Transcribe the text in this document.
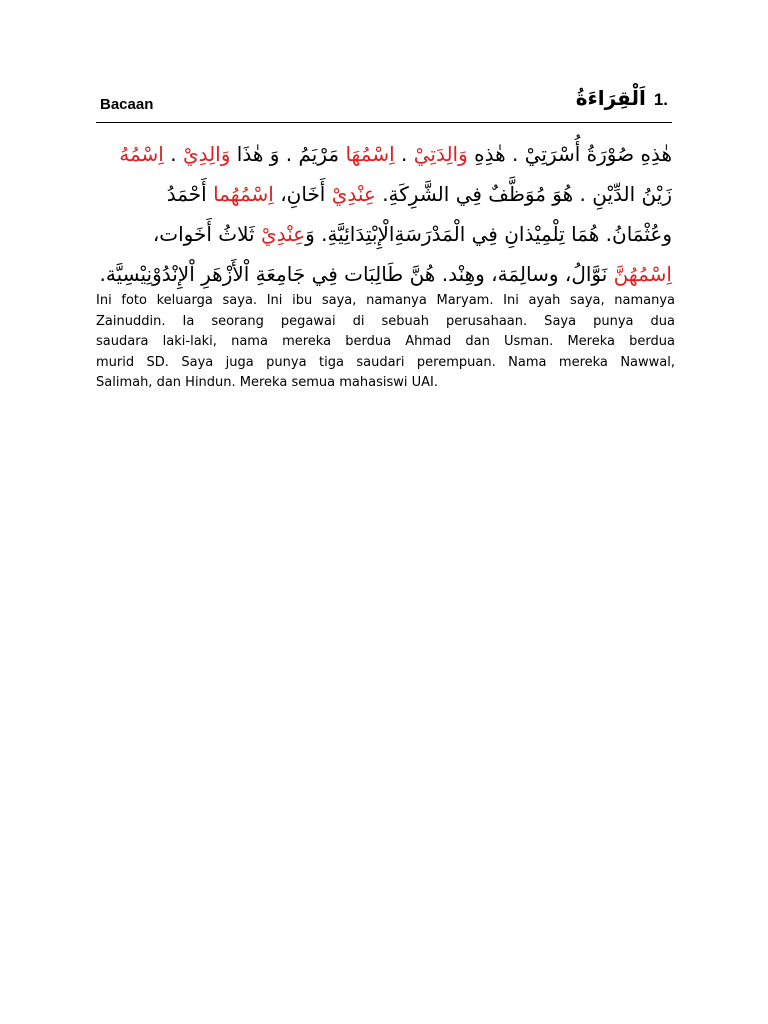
Bacaan	1.اَلْقِرَاءَةُ
هٰذِهِ صُوْرَةُ أُسْرَتِيْ . هٰذِهِ وَالِدَتِيْ . اِسْمُهَا مَرْيَمُ . وَ هٰذَا وَالِدِيْ . اِسْمُهُ
زَيْنُ الدِّيْنِ . هُوَ مُوَظَّفٌ فِي الشَّرِكَةِ. عِنْدِيْ أَخَانِ، اِسْمُهُما أَحْمَدُ
وعُثْمَانُ. هُمَا تِلْمِيْذانِ فِي الْمَدْرَسَةِالْإِبْتِدَائِيَّةِ. وَعِنْدِيْ ثَلاثُ أَخَوات،
اِسْمُهُنَّ نَوَّالُ، وسالِمَة، وهِنْد. هُنَّ طَالِبَات فِي جَامِعَةِ اْلأَزْهَرِ اْلإِنْدُوْنِيْسِيَّة.
Ini foto keluarga saya. Ini ibu saya, namanya Maryam. Ini ayah saya, namanya
Zainuddin. Ia seorang pegawai di sebuah perusahaan. Saya punya dua
saudara laki-laki, nama mereka berdua Ahmad dan Usman. Mereka berdua
murid SD. Saya juga punya tiga saudari perempuan. Nama mereka Nawwal,
Salimah, dan Hindun. Mereka semua mahasiswi UAI.
